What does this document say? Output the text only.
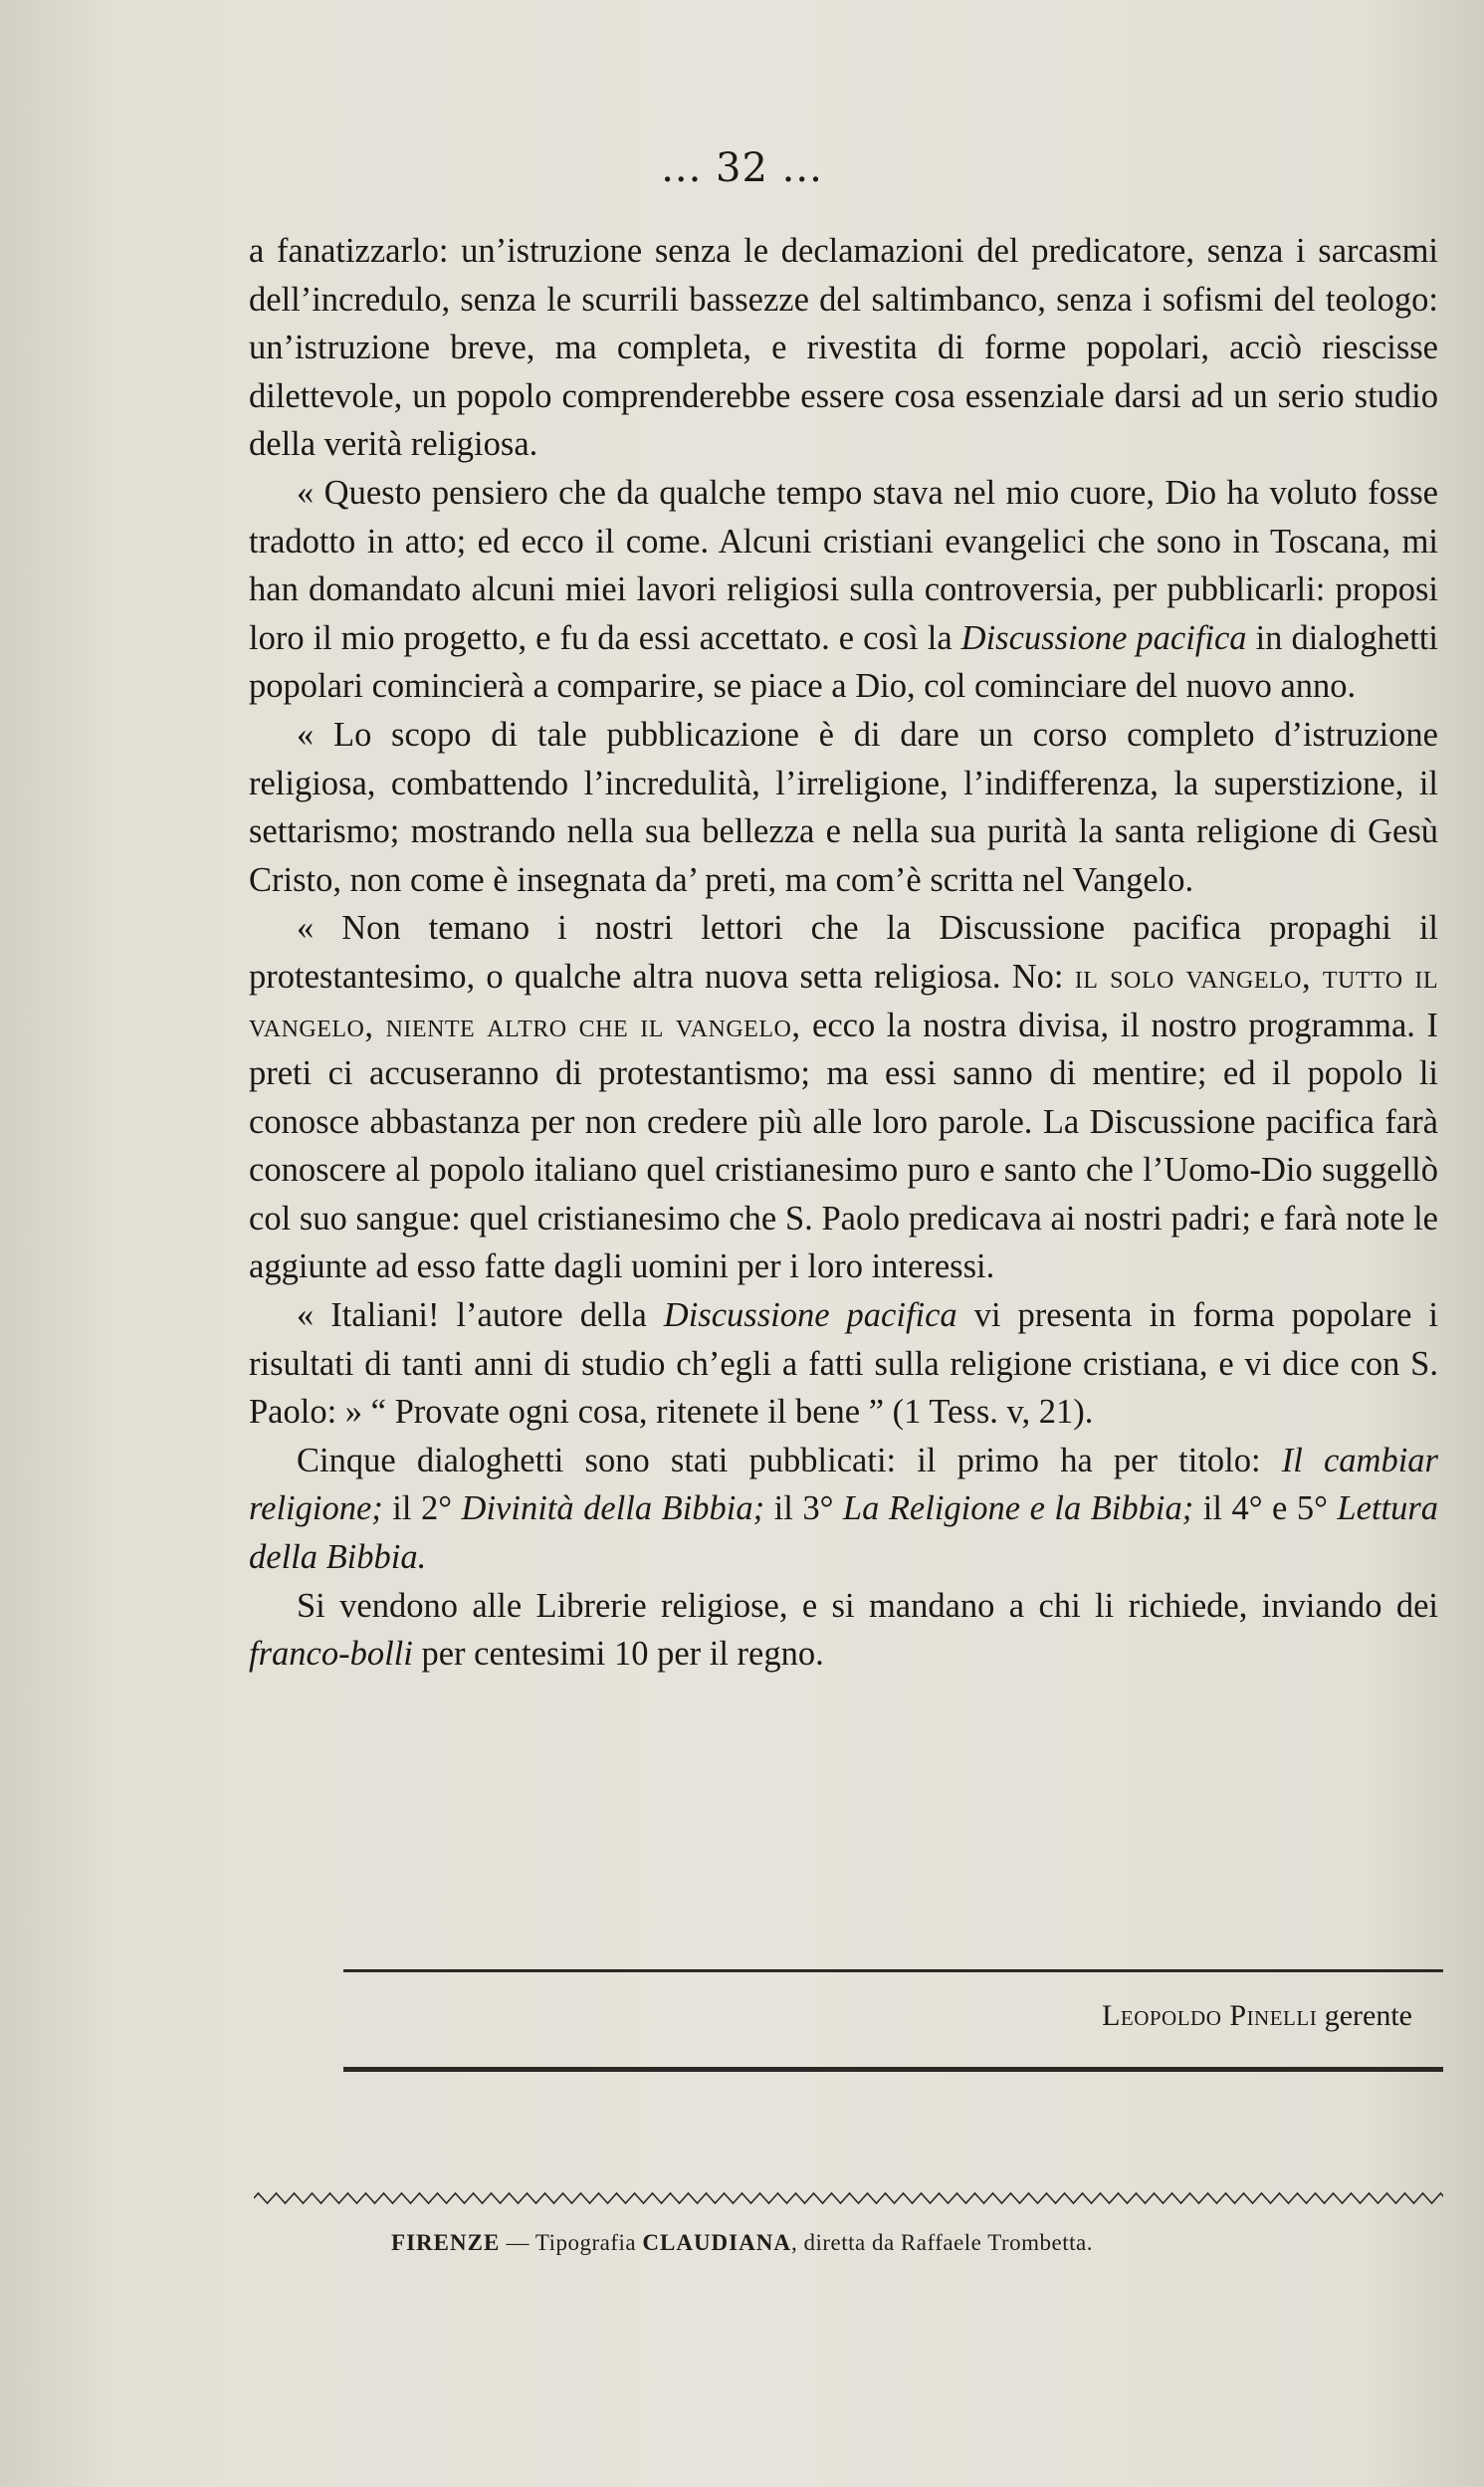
... 32 ...

a fanatizzarlo: un’istruzione senza le declamazioni del predicatore, senza i sarcasmi dell’incredulo, senza le scurrili bassezze del saltimbanco, senza i sofismi del teologo: un’istruzione breve, ma completa, e rivestita di forme popolari, acciò riescisse dilettevole, un popolo comprenderebbe essere cosa essenziale darsi ad un serio studio della verità religiosa.

« Questo pensiero che da qualche tempo stava nel mio cuore, Dio ha voluto fosse tradotto in atto; ed ecco il come. Alcuni cristiani evangelici che sono in Toscana, mi han domandato alcuni miei lavori religiosi sulla controversia, per pubblicarli: proposi loro il mio progetto, e fu da essi accettato. e così la Discussione pacifica in dialoghetti popolari comincierà a comparire, se piace a Dio, col cominciare del nuovo anno.

« Lo scopo di tale pubblicazione è di dare un corso completo d’istruzione religiosa, combattendo l’incredulità, l’irreligione, l’indifferenza, la superstizione, il settarismo; mostrando nella sua bellezza e nella sua purità la santa religione di Gesù Cristo, non come è insegnata da’ preti, ma com’è scritta nel Vangelo.

« Non temano i nostri lettori che la Discussione pacifica propaghi il protestantesimo, o qualche altra nuova setta religiosa. No: il solo vangelo, tutto il vangelo, niente altro che il vangelo, ecco la nostra divisa, il nostro programma. I preti ci accuseranno di protestantismo; ma essi sanno di mentire; ed il popolo li conosce abbastanza per non credere più alle loro parole. La Discussione pacifica farà conoscere al popolo italiano quel cristianesimo puro e santo che l’Uomo-Dio suggellò col suo sangue: quel cristianesimo che S. Paolo predicava ai nostri padri; e farà note le aggiunte ad esso fatte dagli uomini per i loro interessi.

« Italiani! l’autore della Discussione pacifica vi presenta in forma popolare i risultati di tanti anni di studio ch’egli a fatti sulla religione cristiana, e vi dice con S. Paolo: » “ Provate ogni cosa, ritenete il bene ” (1 Tess. v, 21).

Cinque dialoghetti sono stati pubblicati: il primo ha per titolo: Il cambiar religione; il 2° Divinità della Bibbia; il 3° La Religione e la Bibbia; il 4° e 5° Lettura della Bibbia.

Si vendono alle Librerie religiose, e si mandano a chi li richiede, inviando dei franco-bolli per centesimi 10 per il regno.

Leopoldo Pinelli gerente
FIRENZE — Tipografia CLAUDIANA, diretta da Raffaele Trombetta.
